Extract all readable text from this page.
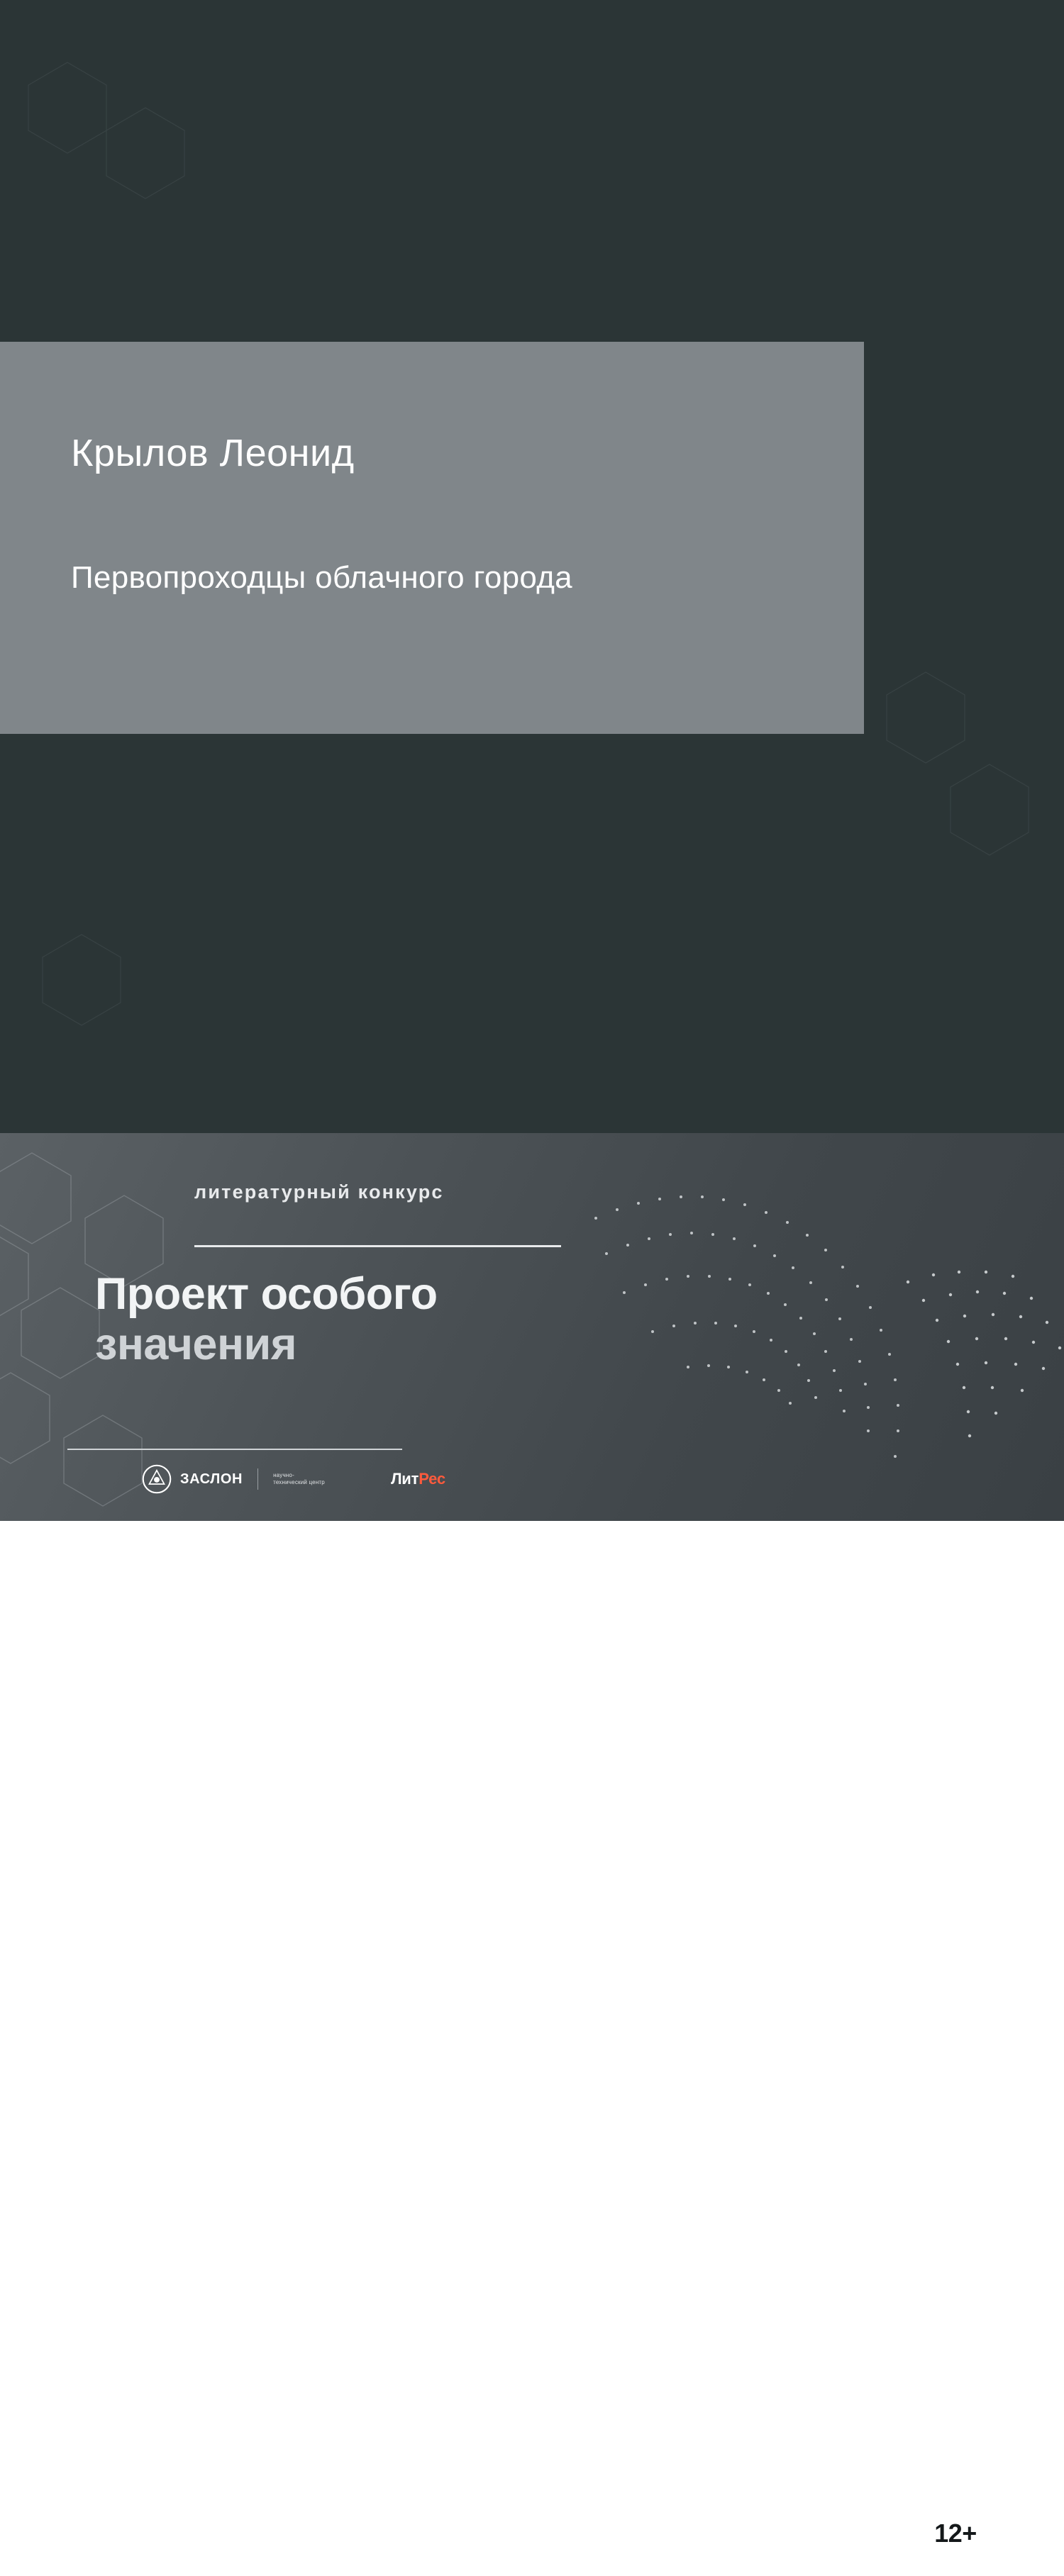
Крылов Леонид
Первопроходцы облачного города
12+
литературный конкурс
Проект особого
значения
ЗАСЛОН	научно-технический центр	Лит Рес
